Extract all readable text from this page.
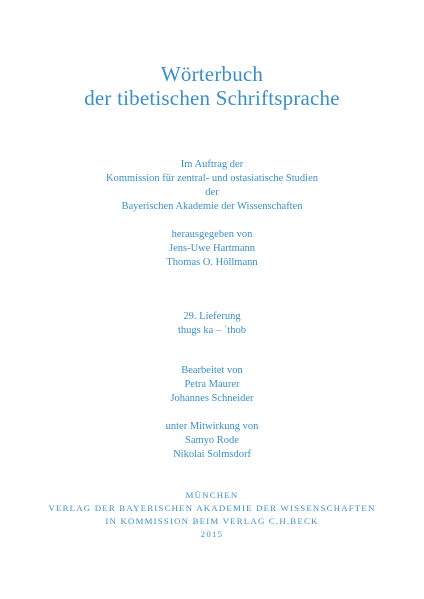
Wörterbuch
der tibetischen Schriftsprache
Im Auftrag der
Kommission für zentral- und ostasiatische Studien
der
Bayerischen Akademie der Wissenschaften
herausgegeben von
Jens-Uwe Hartmann
Thomas O. Höllmann
29. Lieferung
thugs ka – ʾthob
Bearbeitet von
Petra Maurer
Johannes Schneider
unter Mitwirkung von
Samyo Rode
Nikolai Solmsdorf
MÜNCHEN
VERLAG DER BAYERISCHEN AKADEMIE DER WISSENSCHAFTEN
IN KOMMISSION BEIM VERLAG C.H.BECK
2015
